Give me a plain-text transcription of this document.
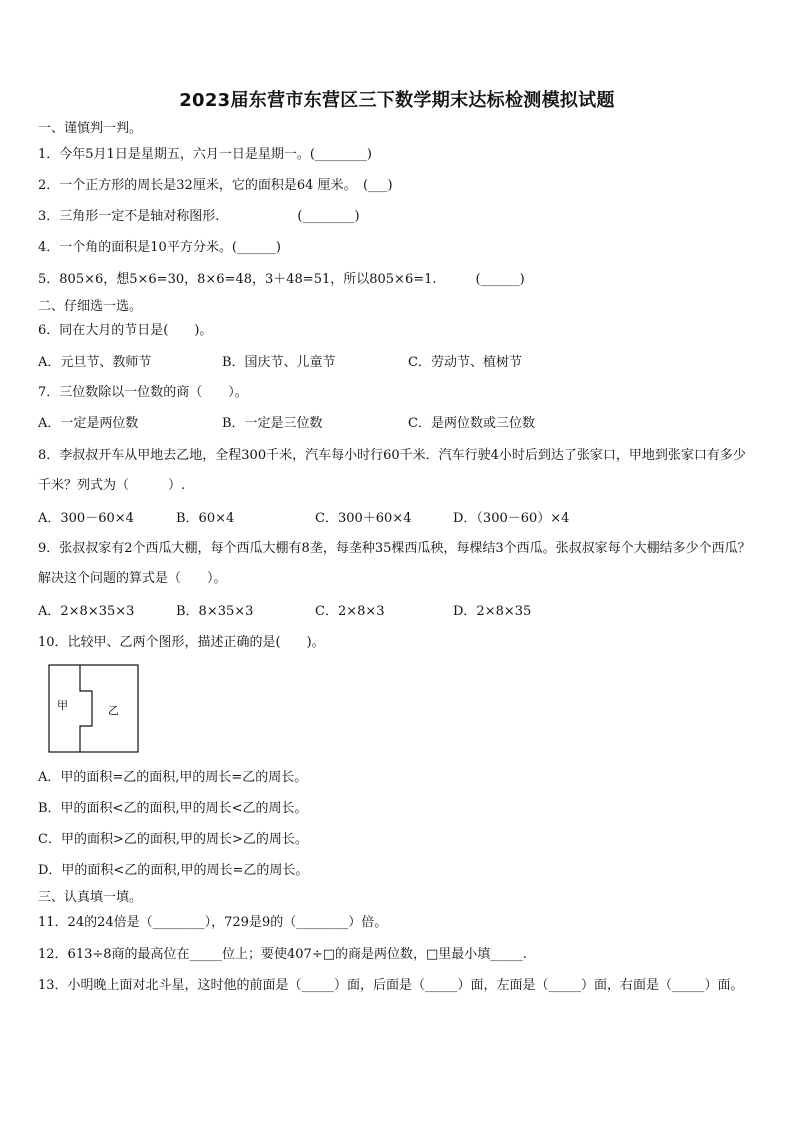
2023届东营市东营区三下数学期末达标检测模拟试题
一、谨慎判一判。
1．今年5月1日是星期五，六月一日是星期一。(________)
2．一个正方形的周长是32厘米，它的面积是64 厘米。　(___)
3．三角形一定不是轴对称图形.　　　　　　(________)
4．一个角的面积是10平方分米。(______)
5．805×6，想5×6=30，8×6=48，3＋48=51，所以805×6=1.　　　(______)
二、仔细选一选。
6．同在大月的节日是(　　)。
A．元旦节、教师节	B．国庆节、儿童节	C．劳动节、植树节
7．三位数除以一位数的商（　　）。
A．一定是两位数	B．一定是三位数	C．是两位数或三位数
8．李叔叔开车从甲地去乙地，全程300千米，汽车每小时行60千米．汽车行驶4小时后到达了张家口，甲地到张家口有多少千米？列式为（　　　）.
A．300－60×4	B．60×4	C．300＋60×4	D．（300－60）×4
9．张叔叔家有2个西瓜大棚，每个西瓜大棚有8垄，每垄种35棵西瓜秧，每棵结3个西瓜。张叔叔家每个大棚结多少个西瓜？解决这个问题的算式是（　　）。
A．2×8×35×3	B．8×35×3	C．2×8×3	D．2×8×35
10．比较甲、乙两个图形，描述正确的是(　　)。
甲	乙
A．甲的面积=乙的面积,甲的周长=乙的周长。
B．甲的面积<乙的面积,甲的周长<乙的周长。
C．甲的面积>乙的面积,甲的周长>乙的周长。
D．甲的面积<乙的面积,甲的周长=乙的周长。
三、认真填一填。
11．24的24倍是（________），729是9的（________）倍。
12．613÷8商的最高位在_____位上；要使407÷□的商是两位数，□里最小填_____.
13．小明晚上面对北斗星，这时他的前面是（_____）面，后面是（_____）面，左面是（_____）面，右面是（_____）面。
